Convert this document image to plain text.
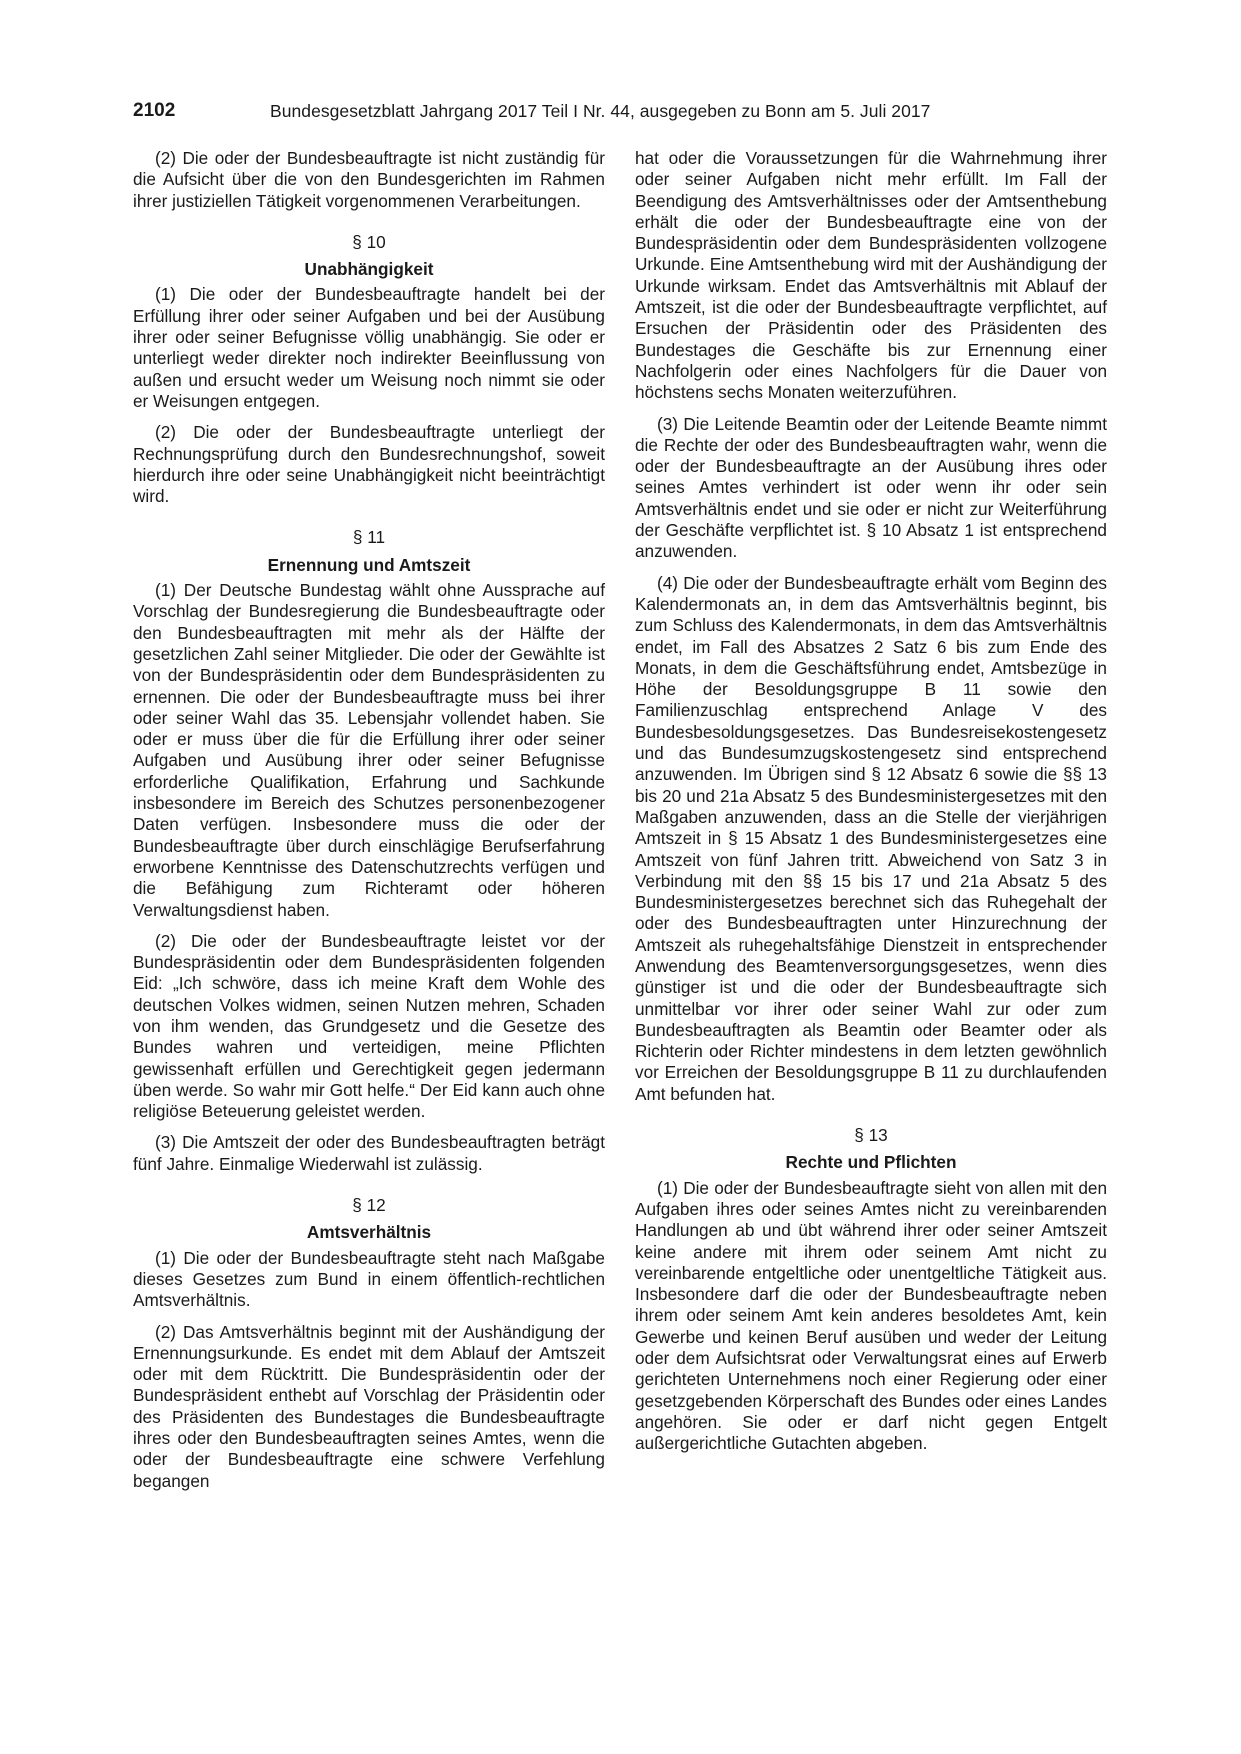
2102	Bundesgesetzblatt Jahrgang 2017 Teil I Nr. 44, ausgegeben zu Bonn am 5. Juli 2017

(2) Die oder der Bundesbeauftragte ist nicht zuständig für die Aufsicht über die von den Bundesgerichten im Rahmen ihrer justiziellen Tätigkeit vorgenommenen Verarbeitungen.

§ 10
Unabhängigkeit

(1) Die oder der Bundesbeauftragte handelt bei der Erfüllung ihrer oder seiner Aufgaben und bei der Ausübung ihrer oder seiner Befugnisse völlig unabhängig. Sie oder er unterliegt weder direkter noch indirekter Beeinflussung von außen und ersucht weder um Weisung noch nimmt sie oder er Weisungen entgegen.

(2) Die oder der Bundesbeauftragte unterliegt der Rechnungsprüfung durch den Bundesrechnungshof, soweit hierdurch ihre oder seine Unabhängigkeit nicht beeinträchtigt wird.

§ 11
Ernennung und Amtszeit

(1) Der Deutsche Bundestag wählt ohne Aussprache auf Vorschlag der Bundesregierung die Bundesbeauftragte oder den Bundesbeauftragten mit mehr als der Hälfte der gesetzlichen Zahl seiner Mitglieder. Die oder der Gewählte ist von der Bundespräsidentin oder dem Bundespräsidenten zu ernennen. Die oder der Bundesbeauftragte muss bei ihrer oder seiner Wahl das 35. Lebensjahr vollendet haben. Sie oder er muss über die für die Erfüllung ihrer oder seiner Aufgaben und Ausübung ihrer oder seiner Befugnisse erforderliche Qualifikation, Erfahrung und Sachkunde insbesondere im Bereich des Schutzes personenbezogener Daten verfügen. Insbesondere muss die oder der Bundesbeauftragte über durch einschlägige Berufserfahrung erworbene Kenntnisse des Datenschutzrechts verfügen und die Befähigung zum Richteramt oder höheren Verwaltungsdienst haben.

(2) Die oder der Bundesbeauftragte leistet vor der Bundespräsidentin oder dem Bundespräsidenten folgenden Eid: „Ich schwöre, dass ich meine Kraft dem Wohle des deutschen Volkes widmen, seinen Nutzen mehren, Schaden von ihm wenden, das Grundgesetz und die Gesetze des Bundes wahren und verteidigen, meine Pflichten gewissenhaft erfüllen und Gerechtigkeit gegen jedermann üben werde. So wahr mir Gott helfe.“ Der Eid kann auch ohne religiöse Beteuerung geleistet werden.

(3) Die Amtszeit der oder des Bundesbeauftragten beträgt fünf Jahre. Einmalige Wiederwahl ist zulässig.

§ 12
Amtsverhältnis

(1) Die oder der Bundesbeauftragte steht nach Maßgabe dieses Gesetzes zum Bund in einem öffentlich-rechtlichen Amtsverhältnis.

(2) Das Amtsverhältnis beginnt mit der Aushändigung der Ernennungsurkunde. Es endet mit dem Ablauf der Amtszeit oder mit dem Rücktritt. Die Bundespräsidentin oder der Bundespräsident enthebt auf Vorschlag der Präsidentin oder des Präsidenten des Bundestages die Bundesbeauftragte ihres oder den Bundesbeauftragten seines Amtes, wenn die oder der Bundesbeauftragte eine schwere Verfehlung begangen

hat oder die Voraussetzungen für die Wahrnehmung ihrer oder seiner Aufgaben nicht mehr erfüllt. Im Fall der Beendigung des Amtsverhältnisses oder der Amtsenthebung erhält die oder der Bundesbeauftragte eine von der Bundespräsidentin oder dem Bundespräsidenten vollzogene Urkunde. Eine Amtsenthebung wird mit der Aushändigung der Urkunde wirksam. Endet das Amtsverhältnis mit Ablauf der Amtszeit, ist die oder der Bundesbeauftragte verpflichtet, auf Ersuchen der Präsidentin oder des Präsidenten des Bundestages die Geschäfte bis zur Ernennung einer Nachfolgerin oder eines Nachfolgers für die Dauer von höchstens sechs Monaten weiterzuführen.

(3) Die Leitende Beamtin oder der Leitende Beamte nimmt die Rechte der oder des Bundesbeauftragten wahr, wenn die oder der Bundesbeauftragte an der Ausübung ihres oder seines Amtes verhindert ist oder wenn ihr oder sein Amtsverhältnis endet und sie oder er nicht zur Weiterführung der Geschäfte verpflichtet ist. § 10 Absatz 1 ist entsprechend anzuwenden.

(4) Die oder der Bundesbeauftragte erhält vom Beginn des Kalendermonats an, in dem das Amtsverhältnis beginnt, bis zum Schluss des Kalendermonats, in dem das Amtsverhältnis endet, im Fall des Absatzes 2 Satz 6 bis zum Ende des Monats, in dem die Geschäftsführung endet, Amtsbezüge in Höhe der Besoldungsgruppe B 11 sowie den Familienzuschlag entsprechend Anlage V des Bundesbesoldungsgesetzes. Das Bundesreisekostengesetz und das Bundesumzugskostengesetz sind entsprechend anzuwenden. Im Übrigen sind § 12 Absatz 6 sowie die §§ 13 bis 20 und 21a Absatz 5 des Bundesministergesetzes mit den Maßgaben anzuwenden, dass an die Stelle der vierjährigen Amtszeit in § 15 Absatz 1 des Bundesministergesetzes eine Amtszeit von fünf Jahren tritt. Abweichend von Satz 3 in Verbindung mit den §§ 15 bis 17 und 21a Absatz 5 des Bundesministergesetzes berechnet sich das Ruhegehalt der oder des Bundesbeauftragten unter Hinzurechnung der Amtszeit als ruhegehaltsfähige Dienstzeit in entsprechender Anwendung des Beamtenversorgungsgesetzes, wenn dies günstiger ist und die oder der Bundesbeauftragte sich unmittelbar vor ihrer oder seiner Wahl zur oder zum Bundesbeauftragten als Beamtin oder Beamter oder als Richterin oder Richter mindestens in dem letzten gewöhnlich vor Erreichen der Besoldungsgruppe B 11 zu durchlaufenden Amt befunden hat.

§ 13
Rechte und Pflichten

(1) Die oder der Bundesbeauftragte sieht von allen mit den Aufgaben ihres oder seines Amtes nicht zu vereinbarenden Handlungen ab und übt während ihrer oder seiner Amtszeit keine andere mit ihrem oder seinem Amt nicht zu vereinbarende entgeltliche oder unentgeltliche Tätigkeit aus. Insbesondere darf die oder der Bundesbeauftragte neben ihrem oder seinem Amt kein anderes besoldetes Amt, kein Gewerbe und keinen Beruf ausüben und weder der Leitung oder dem Aufsichtsrat oder Verwaltungsrat eines auf Erwerb gerichteten Unternehmens noch einer Regierung oder einer gesetzgebenden Körperschaft des Bundes oder eines Landes angehören. Sie oder er darf nicht gegen Entgelt außergerichtliche Gutachten abgeben.
